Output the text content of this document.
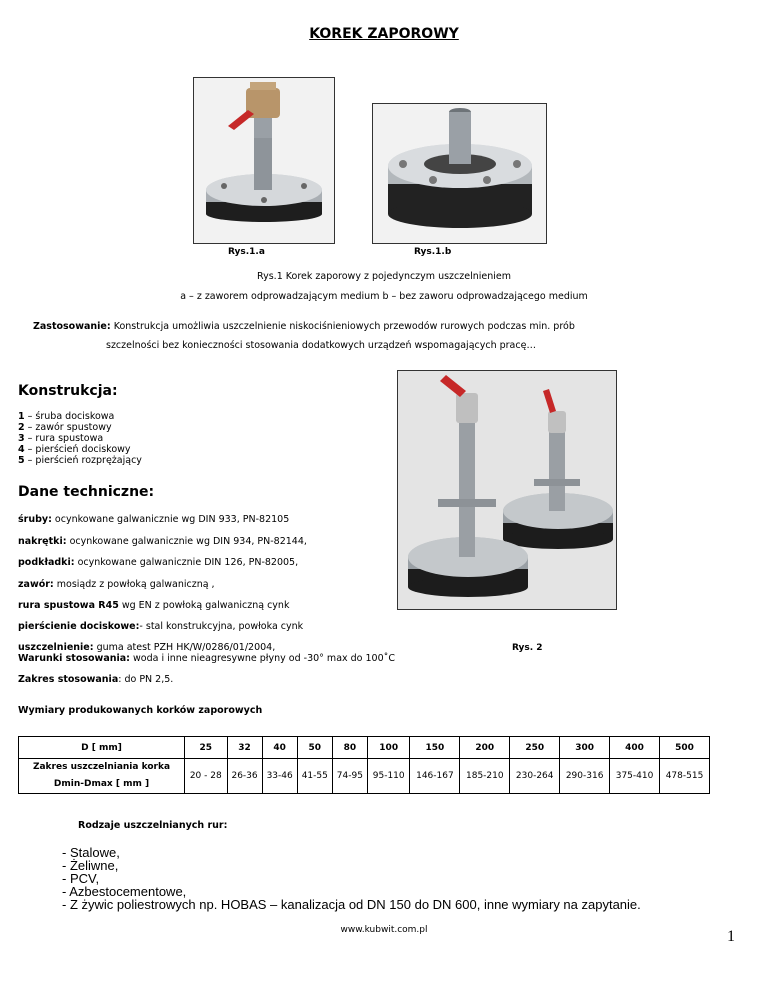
KOREK ZAPOROWY
Rys.1.a	Rys.1.b
Rys.1 Korek zaporowy z pojedynczym uszczelnieniem
a – z zaworem odprowadzającym medium b – bez zaworu odprowadzającego medium
Zastosowanie: Konstrukcja umożliwia uszczelnienie niskociśnieniowych przewodów rurowych podczas min. prób
szczelności bez konieczności stosowania dodatkowych urządzeń wspomagających pracę…
Konstrukcja:
1 – śruba dociskowa
2 – zawór spustowy
3 – rura spustowa
4 – pierścień dociskowy
5 – pierścień rozprężający
Dane techniczne:
śruby: ocynkowane galwanicznie wg DIN 933, PN-82105
nakrętki: ocynkowane galwanicznie wg DIN 934, PN-82144,
podkładki: ocynkowane galwanicznie DIN 126, PN-82005,
zawór: mosiądz z powłoką galwaniczną ,
rura spustowa R45 wg EN z powłoką galwaniczną cynk
pierścienie dociskowe:- stal konstrukcyjna, powłoka cynk
uszczelnienie: guma atest PZH HK/W/0286/01/2004,	Rys. 2
Warunki stosowania: woda i inne nieagresywne płyny od -30° max do 100˚C
Zakres stosowania: do PN 2,5.
Wymiary produkowanych korków zaporowych
D [ mm]	25	32	40	50	80	100	150	200	250	300	400	500

Zakres uszczelniania korka
Dmin-Dmax [ mm ]	20 - 28	26-36	33-46	41-55	74-95	95-110	146-167	185-210	230-264	290-316	375-410	478-515
Rodzaje uszczelnianych rur:
- Stalowe,
- Żeliwne,
- PCV,
- Azbestocementowe,
- Z żywic poliestrowych np. HOBAS – kanalizacja od DN 150 do DN 600, inne wymiary na zapytanie.
www.kubwit.com.pl	1
